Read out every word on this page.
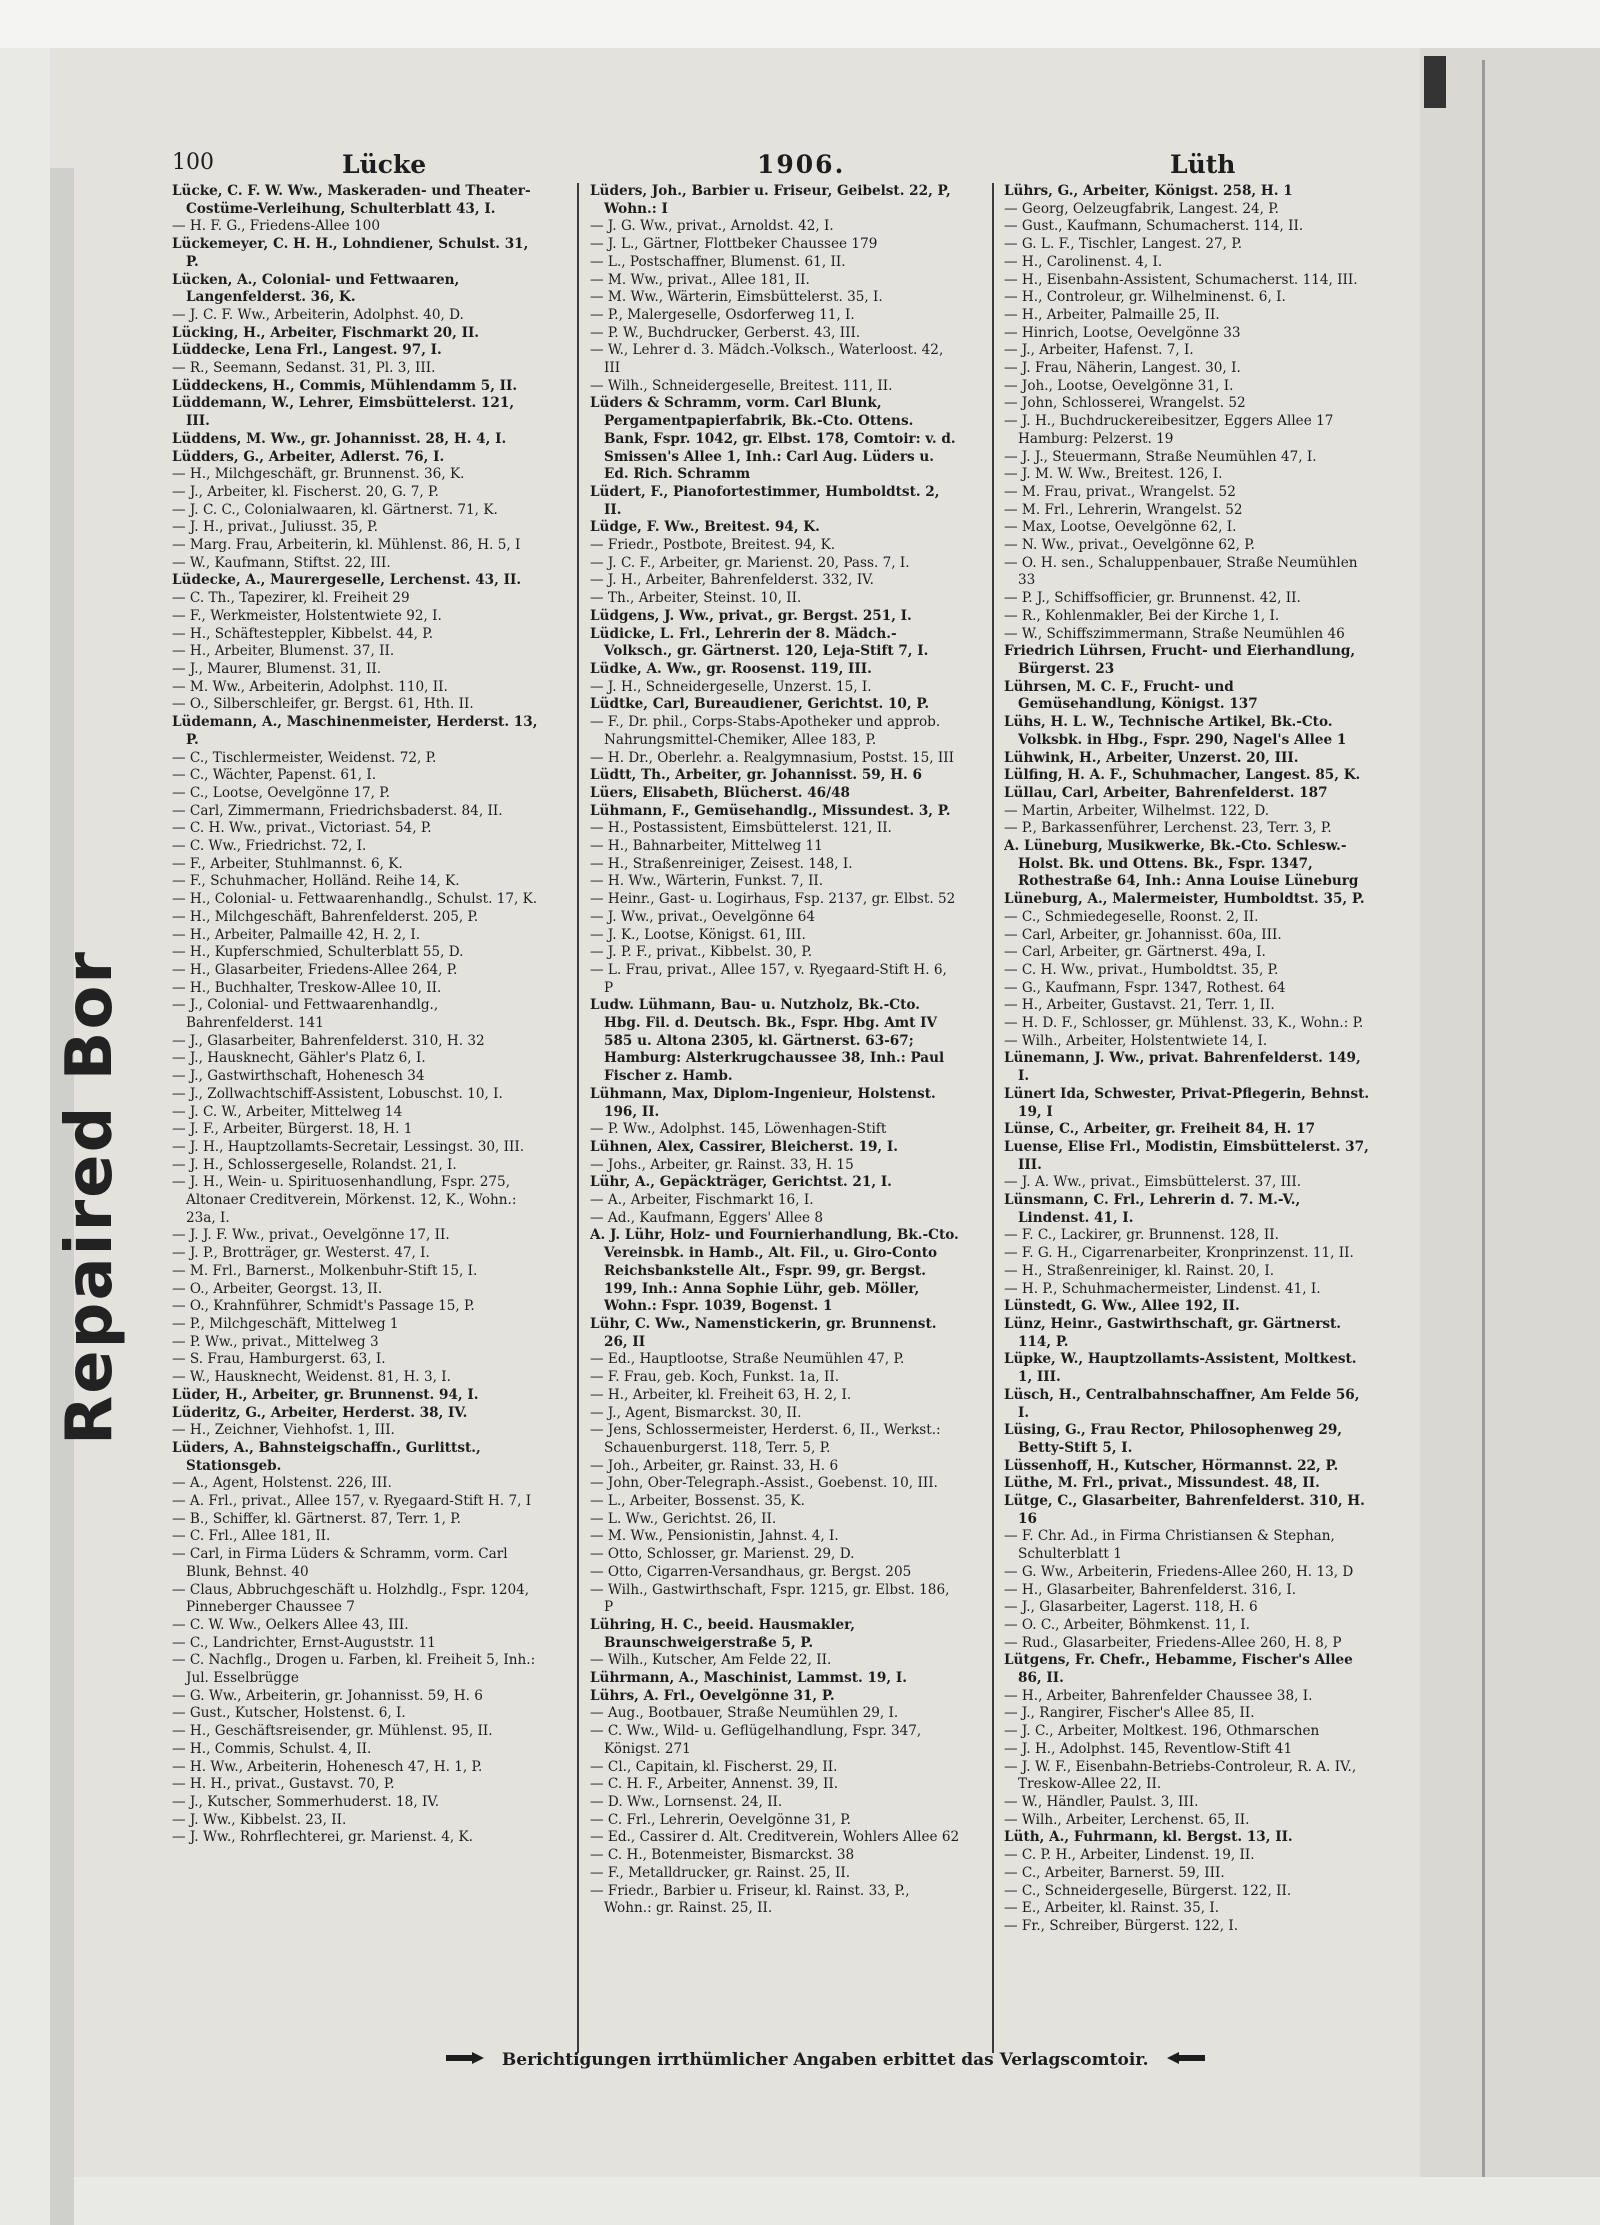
Repaired Bor
100	Lücke	1906.	Lüth

Lücke, C. F. W. Ww., Maskeraden- und Theater-Costüme-Verleihung, Schulterblatt 43, I.

— H. F. G., Friedens-Allee 100

Lückemeyer, C. H. H., Lohndiener, Schulst. 31, P.

Lücken, A., Colonial- und Fettwaaren, Langenfelderst. 36, K.

— J. C. F. Ww., Arbeiterin, Adolphst. 40, D.

Lücking, H., Arbeiter, Fischmarkt 20, II.

Lüddecke, Lena Frl., Langest. 97, I.

— R., Seemann, Sedanst. 31, Pl. 3, III.

Lüddeckens, H., Commis, Mühlendamm 5, II.

Lüddemann, W., Lehrer, Eimsbüttelerst. 121, III.

Lüddens, M. Ww., gr. Johannisst. 28, H. 4, I.

Lüdders, G., Arbeiter, Adlerst. 76, I.

— H., Milchgeschäft, gr. Brunnenst. 36, K.

— J., Arbeiter, kl. Fischerst. 20, G. 7, P.

— J. C. C., Colonialwaaren, kl. Gärtnerst. 71, K.

— J. H., privat., Juliusst. 35, P.

— Marg. Frau, Arbeiterin, kl. Mühlenst. 86, H. 5, I

— W., Kaufmann, Stiftst. 22, III.

Lüdecke, A., Maurergeselle, Lerchenst. 43, II.

— C. Th., Tapezirer, kl. Freiheit 29

— F., Werkmeister, Holstentwiete 92, I.

— H., Schäftesteppler, Kibbelst. 44, P.

— H., Arbeiter, Blumenst. 37, II.

— J., Maurer, Blumenst. 31, II.

— M. Ww., Arbeiterin, Adolphst. 110, II.

— O., Silberschleifer, gr. Bergst. 61, Hth. II.

Lüdemann, A., Maschinenmeister, Herderst. 13, P.

— C., Tischlermeister, Weidenst. 72, P.

— C., Wächter, Papenst. 61, I.

— C., Lootse, Oevelgönne 17, P.

— Carl, Zimmermann, Friedrichsbaderst. 84, II.

— C. H. Ww., privat., Victoriast. 54, P.

— C. Ww., Friedrichst. 72, I.

— F., Arbeiter, Stuhlmannst. 6, K.

— F., Schuhmacher, Holländ. Reihe 14, K.

— H., Colonial- u. Fettwaarenhandlg., Schulst. 17, K.

— H., Milchgeschäft, Bahrenfelderst. 205, P.

— H., Arbeiter, Palmaille 42, H. 2, I.

— H., Kupferschmied, Schulterblatt 55, D.

— H., Glasarbeiter, Friedens-Allee 264, P.

— H., Buchhalter, Treskow-Allee 10, II.

— J., Colonial- und Fettwaarenhandlg., Bahrenfelderst. 141

— J., Glasarbeiter, Bahrenfelderst. 310, H. 32

— J., Hausknecht, Gähler's Platz 6, I.

— J., Gastwirthschaft, Hohenesch 34

— J., Zollwachtschiff-Assistent, Lobuschst. 10, I.

— J. C. W., Arbeiter, Mittelweg 14

— J. F., Arbeiter, Bürgerst. 18, H. 1

— J. H., Hauptzollamts-Secretair, Lessingst. 30, III.

— J. H., Schlossergeselle, Rolandst. 21, I.

— J. H., Wein- u. Spirituosenhandlung, Fspr. 275, Altonaer Creditverein, Mörkenst. 12, K., Wohn.: 23a, I.

— J. J. F. Ww., privat., Oevelgönne 17, II.

— J. P., Brotträger, gr. Westerst. 47, I.

— M. Frl., Barnerst., Molkenbuhr-Stift 15, I.

— O., Arbeiter, Georgst. 13, II.

— O., Krahnführer, Schmidt's Passage 15, P.

— P., Milchgeschäft, Mittelweg 1

— P. Ww., privat., Mittelweg 3

— S. Frau, Hamburgerst. 63, I.

— W., Hausknecht, Weidenst. 81, H. 3, I.

Lüder, H., Arbeiter, gr. Brunnenst. 94, I.

Lüderitz, G., Arbeiter, Herderst. 38, IV.

— H., Zeichner, Viehhofst. 1, III.

Lüders, A., Bahnsteigschaffn., Gurlittst., Stationsgeb.

— A., Agent, Holstenst. 226, III.

— A. Frl., privat., Allee 157, v. Ryegaard-Stift H. 7, I

— B., Schiffer, kl. Gärtnerst. 87, Terr. 1, P.

— C. Frl., Allee 181, II.

— Carl, in Firma Lüders & Schramm, vorm. Carl Blunk, Behnst. 40

— Claus, Abbruchgeschäft u. Holzhdlg., Fspr. 1204, Pinneberger Chaussee 7

— C. W. Ww., Oelkers Allee 43, III.

— C., Landrichter, Ernst-Auguststr. 11

— C. Nachflg., Drogen u. Farben, kl. Freiheit 5, Inh.: Jul. Esselbrügge

— G. Ww., Arbeiterin, gr. Johannisst. 59, H. 6

— Gust., Kutscher, Holstenst. 6, I.

— H., Geschäftsreisender, gr. Mühlenst. 95, II.

— H., Commis, Schulst. 4, II.

— H. Ww., Arbeiterin, Hohenesch 47, H. 1, P.

— H. H., privat., Gustavst. 70, P.

— J., Kutscher, Sommerhuderst. 18, IV.

— J. Ww., Kibbelst. 23, II.

— J. Ww., Rohrflechterei, gr. Marienst. 4, K.

Lüders, Joh., Barbier u. Friseur, Geibelst. 22, P, Wohn.: I

— J. G. Ww., privat., Arnoldst. 42, I.

— J. L., Gärtner, Flottbeker Chaussee 179

— L., Postschaffner, Blumenst. 61, II.

— M. Ww., privat., Allee 181, II.

— M. Ww., Wärterin, Eimsbüttelerst. 35, I.

— P., Malergeselle, Osdorferweg 11, I.

— P. W., Buchdrucker, Gerberst. 43, III.

— W., Lehrer d. 3. Mädch.-Volksch., Waterloost. 42, III

— Wilh., Schneidergeselle, Breitest. 111, II.

Lüders & Schramm, vorm. Carl Blunk, Pergamentpapierfabrik, Bk.-Cto. Ottens. Bank, Fspr. 1042, gr. Elbst. 178, Comtoir: v. d. Smissen's Allee 1, Inh.: Carl Aug. Lüders u. Ed. Rich. Schramm

Lüdert, F., Pianofortestimmer, Humboldtst. 2, II.

Lüdge, F. Ww., Breitest. 94, K.

— Friedr., Postbote, Breitest. 94, K.

— J. C. F., Arbeiter, gr. Marienst. 20, Pass. 7, I.

— J. H., Arbeiter, Bahrenfelderst. 332, IV.

— Th., Arbeiter, Steinst. 10, II.

Lüdgens, J. Ww., privat., gr. Bergst. 251, I.

Lüdicke, L. Frl., Lehrerin der 8. Mädch.-Volksch., gr. Gärtnerst. 120, Leja-Stift 7, I.

Lüdke, A. Ww., gr. Roosenst. 119, III.

— J. H., Schneidergeselle, Unzerst. 15, I.

Lüdtke, Carl, Bureaudiener, Gerichtst. 10, P.

— F., Dr. phil., Corps-Stabs-Apotheker und approb. Nahrungsmittel-Chemiker, Allee 183, P.

— H. Dr., Oberlehr. a. Realgymnasium, Postst. 15, III

Lüdtt, Th., Arbeiter, gr. Johannisst. 59, H. 6

Lüers, Elisabeth, Blücherst. 46/48

Lühmann, F., Gemüsehandlg., Missundest. 3, P.

— H., Postassistent, Eimsbüttelerst. 121, II.

— H., Bahnarbeiter, Mittelweg 11

— H., Straßenreiniger, Zeisest. 148, I.

— H. Ww., Wärterin, Funkst. 7, II.

— Heinr., Gast- u. Logirhaus, Fsp. 2137, gr. Elbst. 52

— J. Ww., privat., Oevelgönne 64

— J. K., Lootse, Königst. 61, III.

— J. P. F., privat., Kibbelst. 30, P.

— L. Frau, privat., Allee 157, v. Ryegaard-Stift H. 6, P

Ludw. Lühmann, Bau- u. Nutzholz, Bk.-Cto. Hbg. Fil. d. Deutsch. Bk., Fspr. Hbg. Amt IV 585 u. Altona 2305, kl. Gärtnerst. 63-67; Hamburg: Alsterkrugchaussee 38, Inh.: Paul Fischer z. Hamb.

Lühmann, Max, Diplom-Ingenieur, Holstenst. 196, II.

— P. Ww., Adolphst. 145, Löwenhagen-Stift

Lühnen, Alex, Cassirer, Bleicherst. 19, I.

— Johs., Arbeiter, gr. Rainst. 33, H. 15

Lühr, A., Gepäckträger, Gerichtst. 21, I.

— A., Arbeiter, Fischmarkt 16, I.

— Ad., Kaufmann, Eggers' Allee 8

A. J. Lühr, Holz- und Fournierhandlung, Bk.-Cto. Vereinsbk. in Hamb., Alt. Fil., u. Giro-Conto Reichsbankstelle Alt., Fspr. 99, gr. Bergst. 199, Inh.: Anna Sophie Lühr, geb. Möller, Wohn.: Fspr. 1039, Bogenst. 1

Lühr, C. Ww., Namenstickerin, gr. Brunnenst. 26, II

— Ed., Hauptlootse, Straße Neumühlen 47, P.

— F. Frau, geb. Koch, Funkst. 1a, II.

— H., Arbeiter, kl. Freiheit 63, H. 2, I.

— J., Agent, Bismarckst. 30, II.

— Jens, Schlossermeister, Herderst. 6, II., Werkst.: Schauenburgerst. 118, Terr. 5, P.

— Joh., Arbeiter, gr. Rainst. 33, H. 6

— John, Ober-Telegraph.-Assist., Goebenst. 10, III.

— L., Arbeiter, Bossenst. 35, K.

— L. Ww., Gerichtst. 26, II.

— M. Ww., Pensionistin, Jahnst. 4, I.

— Otto, Schlosser, gr. Marienst. 29, D.

— Otto, Cigarren-Versandhaus, gr. Bergst. 205

— Wilh., Gastwirthschaft, Fspr. 1215, gr. Elbst. 186, P

Lühring, H. C., beeid. Hausmakler, Braunschweigerstraße 5, P.

— Wilh., Kutscher, Am Felde 22, II.

Lührmann, A., Maschinist, Lammst. 19, I.

Lührs, A. Frl., Oevelgönne 31, P.

— Aug., Bootbauer, Straße Neumühlen 29, I.

— C. Ww., Wild- u. Geflügelhandlung, Fspr. 347, Königst. 271

— Cl., Capitain, kl. Fischerst. 29, II.

— C. H. F., Arbeiter, Annenst. 39, II.

— D. Ww., Lornsenst. 24, II.

— C. Frl., Lehrerin, Oevelgönne 31, P.

— Ed., Cassirer d. Alt. Creditverein, Wohlers Allee 62

— C. H., Botenmeister, Bismarckst. 38

— F., Metalldrucker, gr. Rainst. 25, II.

— Friedr., Barbier u. Friseur, kl. Rainst. 33, P., Wohn.: gr. Rainst. 25, II.

Lührs, G., Arbeiter, Königst. 258, H. 1

— Georg, Oelzeugfabrik, Langest. 24, P.

— Gust., Kaufmann, Schumacherst. 114, II.

— G. L. F., Tischler, Langest. 27, P.

— H., Carolinenst. 4, I.

— H., Eisenbahn-Assistent, Schumacherst. 114, III.

— H., Controleur, gr. Wilhelminenst. 6, I.

— H., Arbeiter, Palmaille 25, II.

— Hinrich, Lootse, Oevelgönne 33

— J., Arbeiter, Hafenst. 7, I.

— J. Frau, Näherin, Langest. 30, I.

— Joh., Lootse, Oevelgönne 31, I.

— John, Schlosserei, Wrangelst. 52

— J. H., Buchdruckereibesitzer, Eggers Allee 17 Hamburg: Pelzerst. 19

— J. J., Steuermann, Straße Neumühlen 47, I.

— J. M. W. Ww., Breitest. 126, I.

— M. Frau, privat., Wrangelst. 52

— M. Frl., Lehrerin, Wrangelst. 52

— Max, Lootse, Oevelgönne 62, I.

— N. Ww., privat., Oevelgönne 62, P.

— O. H. sen., Schaluppenbauer, Straße Neumühlen 33

— P. J., Schiffsofficier, gr. Brunnenst. 42, II.

— R., Kohlenmakler, Bei der Kirche 1, I.

— W., Schiffszimmermann, Straße Neumühlen 46

Friedrich Lührsen, Frucht- und Eierhandlung, Bürgerst. 23

Lührsen, M. C. F., Frucht- und Gemüsehandlung, Königst. 137

Lühs, H. L. W., Technische Artikel, Bk.-Cto. Volksbk. in Hbg., Fspr. 290, Nagel's Allee 1

Lühwink, H., Arbeiter, Unzerst. 20, III.

Lülfing, H. A. F., Schuhmacher, Langest. 85, K.

Lüllau, Carl, Arbeiter, Bahrenfelderst. 187

— Martin, Arbeiter, Wilhelmst. 122, D.

— P., Barkassenführer, Lerchenst. 23, Terr. 3, P.

A. Lüneburg, Musikwerke, Bk.-Cto. Schlesw.-Holst. Bk. und Ottens. Bk., Fspr. 1347, Rothestraße 64, Inh.: Anna Louise Lüneburg

Lüneburg, A., Malermeister, Humboldtst. 35, P.

— C., Schmiedegeselle, Roonst. 2, II.

— Carl, Arbeiter, gr. Johannisst. 60a, III.

— Carl, Arbeiter, gr. Gärtnerst. 49a, I.

— C. H. Ww., privat., Humboldtst. 35, P.

— G., Kaufmann, Fspr. 1347, Rothest. 64

— H., Arbeiter, Gustavst. 21, Terr. 1, II.

— H. D. F., Schlosser, gr. Mühlenst. 33, K., Wohn.: P.

— Wilh., Arbeiter, Holstentwiete 14, I.

Lünemann, J. Ww., privat. Bahrenfelderst. 149, I.

Lünert Ida, Schwester, Privat-Pflegerin, Behnst. 19, I

Lünse, C., Arbeiter, gr. Freiheit 84, H. 17

Luense, Elise Frl., Modistin, Eimsbüttelerst. 37, III.

— J. A. Ww., privat., Eimsbüttelerst. 37, III.

Lünsmann, C. Frl., Lehrerin d. 7. M.-V., Lindenst. 41, I.

— F. C., Lackirer, gr. Brunnenst. 128, II.

— F. G. H., Cigarrenarbeiter, Kronprinzenst. 11, II.

— H., Straßenreiniger, kl. Rainst. 20, I.

— H. P., Schuhmachermeister, Lindenst. 41, I.

Lünstedt, G. Ww., Allee 192, II.

Lünz, Heinr., Gastwirthschaft, gr. Gärtnerst. 114, P.

Lüpke, W., Hauptzollamts-Assistent, Moltkest. 1, III.

Lüsch, H., Centralbahnschaffner, Am Felde 56, I.

Lüsing, G., Frau Rector, Philosophenweg 29, Betty-Stift 5, I.

Lüssenhoff, H., Kutscher, Hörmannst. 22, P.

Lüthe, M. Frl., privat., Missundest. 48, II.

Lütge, C., Glasarbeiter, Bahrenfelderst. 310, H. 16

— F. Chr. Ad., in Firma Christiansen & Stephan, Schulterblatt 1

— G. Ww., Arbeiterin, Friedens-Allee 260, H. 13, D

— H., Glasarbeiter, Bahrenfelderst. 316, I.

— J., Glasarbeiter, Lagerst. 118, H. 6

— O. C., Arbeiter, Böhmkenst. 11, I.

— Rud., Glasarbeiter, Friedens-Allee 260, H. 8, P

Lütgens, Fr. Chefr., Hebamme, Fischer's Allee 86, II.

— H., Arbeiter, Bahrenfelder Chaussee 38, I.

— J., Rangirer, Fischer's Allee 85, II.

— J. C., Arbeiter, Moltkest. 196, Othmarschen

— J. H., Adolphst. 145, Reventlow-Stift 41

— J. W. F., Eisenbahn-Betriebs-Controleur, R. A. IV., Treskow-Allee 22, II.

— W., Händler, Paulst. 3, III.

— Wilh., Arbeiter, Lerchenst. 65, II.

Lüth, A., Fuhrmann, kl. Bergst. 13, II.

— C. P. H., Arbeiter, Lindenst. 19, II.

— C., Arbeiter, Barnerst. 59, III.

— C., Schneidergeselle, Bürgerst. 122, II.

— E., Arbeiter, kl. Rainst. 35, I.

— Fr., Schreiber, Bürgerst. 122, I.

Berichtigungen irrthümlicher Angaben erbittet das Verlagscomtoir.
